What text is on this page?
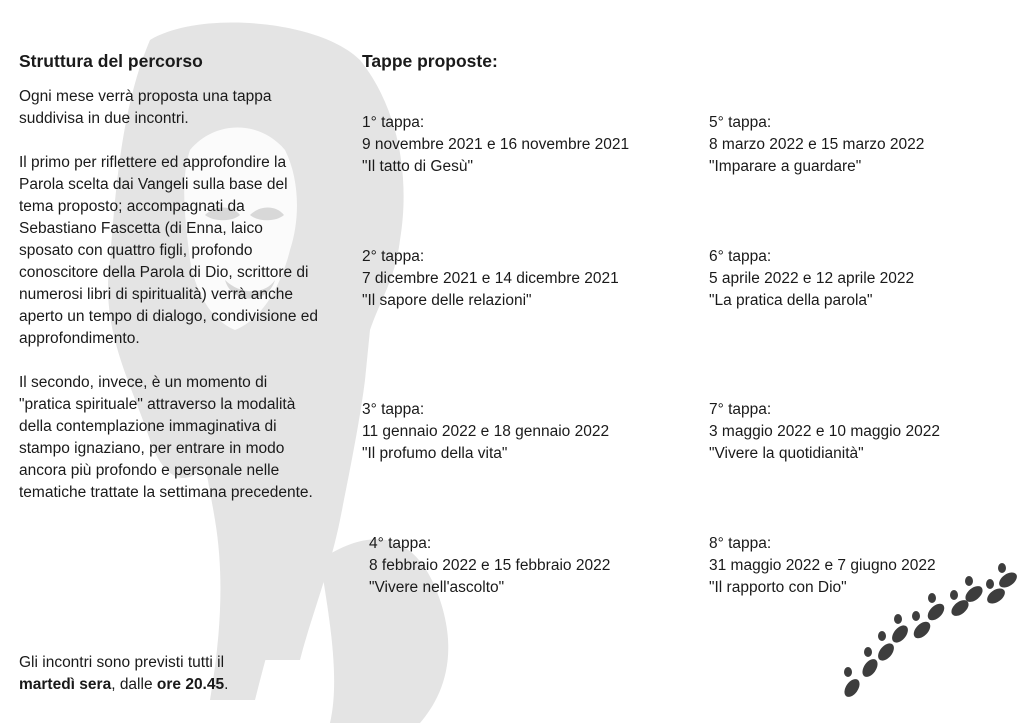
Struttura del percorso

Ogni mese verrà proposta una tappa suddivisa in due incontri.

Il primo per riflettere ed approfondire la Parola scelta dai Vangeli sulla base del tema proposto; accompagnati da Sebastiano Fascetta (di Enna, laico sposato con quattro figli, profondo conoscitore della Parola di Dio, scrittore di numerosi libri di spiritualità) verrà anche aperto un tempo di dialogo, condivisione ed approfondimento.

Il secondo, invece, è un momento di "pratica spirituale" attraverso la modalità della contemplazione immaginativa di stampo ignaziano, per entrare in modo ancora più profondo e personale nelle tematiche trattate la settimana precedente.

Gli incontri sono previsti tutti il
martedì sera, dalle ore 20.45.

Tappe proposte:
1° tappa:
9 novembre 2021 e 16 novembre 2021
"Il tatto di Gesù"
2° tappa:
7 dicembre 2021 e 14 dicembre 2021
"Il sapore delle relazioni"
3° tappa:
11 gennaio 2022 e 18 gennaio 2022
"Il profumo della vita"
4° tappa:
8 febbraio 2022 e 15 febbraio 2022
"Vivere nell'ascolto"
5° tappa:
8 marzo 2022 e 15 marzo 2022
"Imparare a guardare"
6° tappa:
5 aprile 2022 e 12 aprile 2022
"La pratica della parola"
7° tappa:
3 maggio 2022 e 10 maggio 2022
"Vivere la quotidianità"
8° tappa:
31 maggio 2022 e 7 giugno 2022
"Il rapporto con Dio"
